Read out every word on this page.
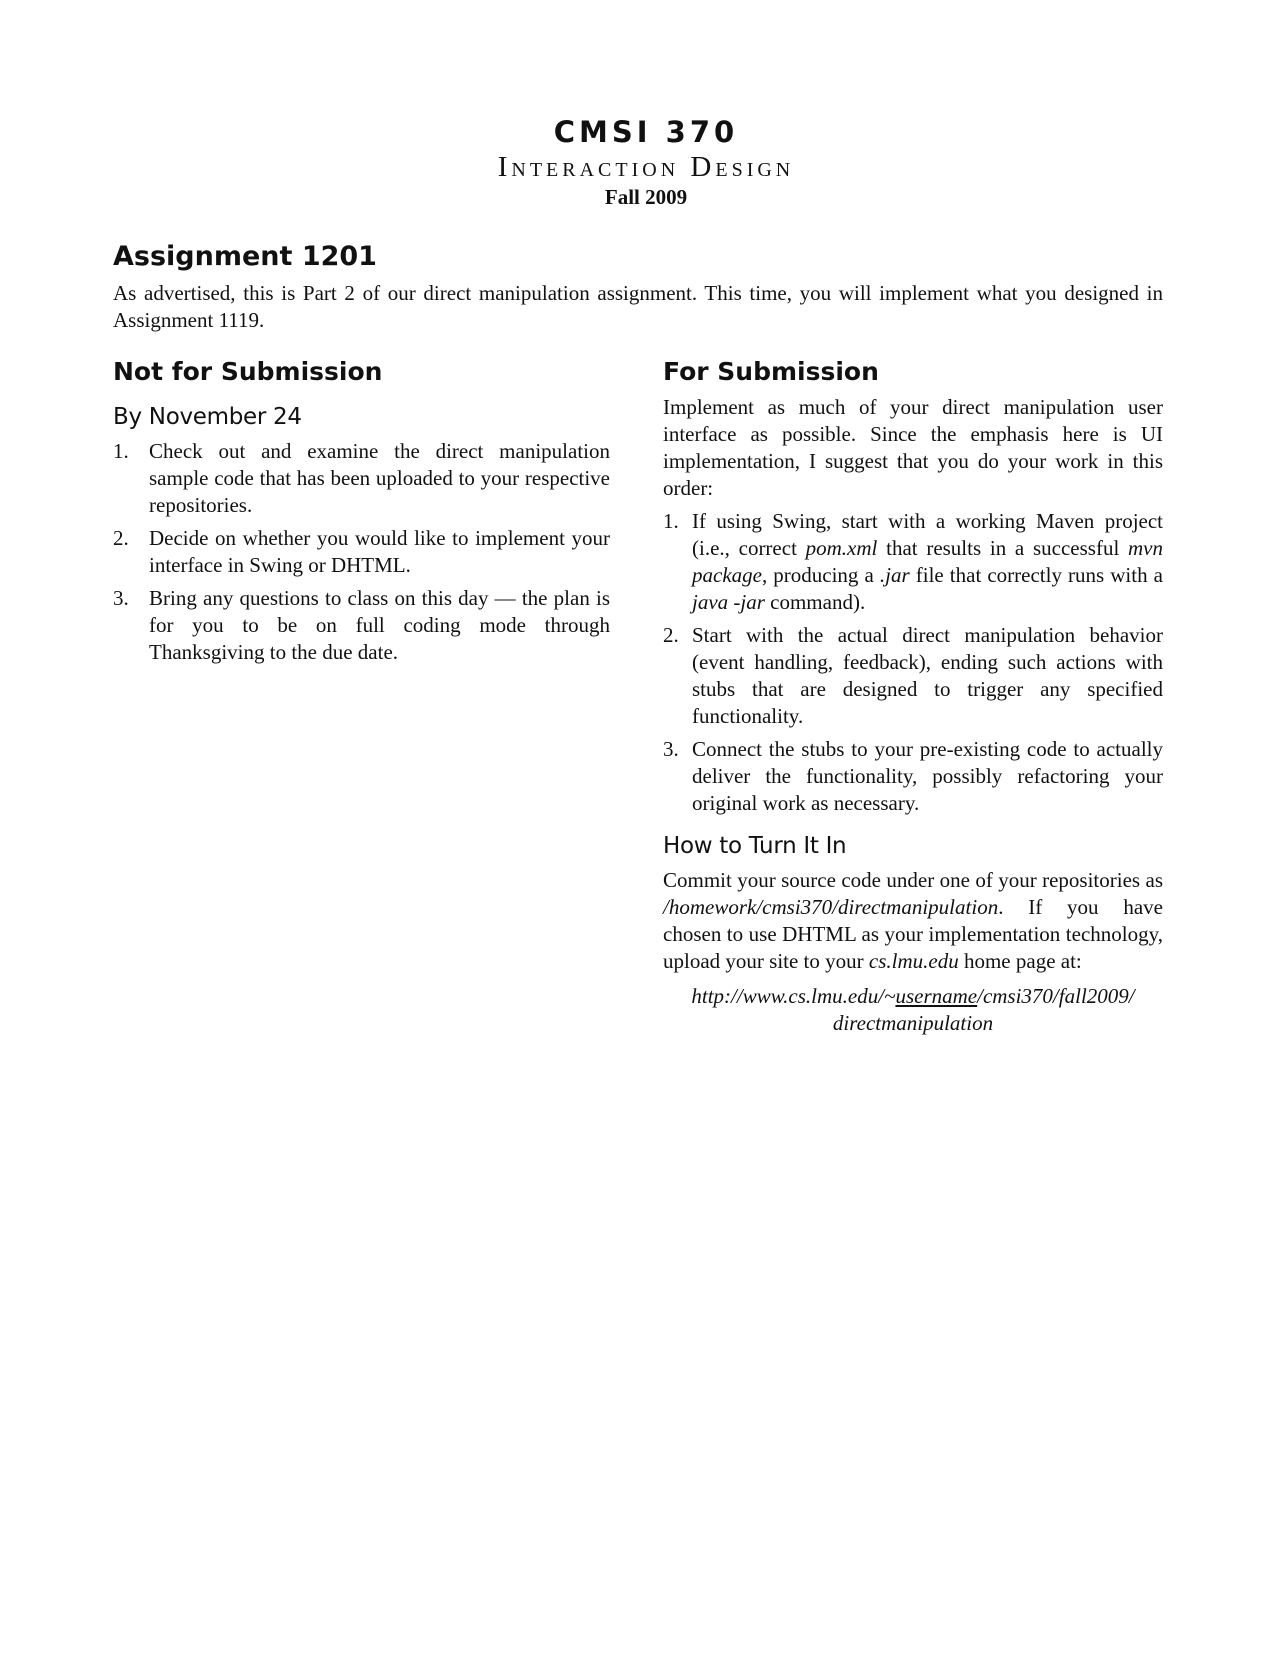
CMSI 370
Interaction Design
Fall 2009
Assignment 1201

As advertised, this is Part 2 of our direct manipulation assignment. This time, you will implement what you designed in Assignment 1119.

Not for Submission
By November 24
1. Check out and examine the direct manipulation sample code that has been uploaded to your respective repositories.
2. Decide on whether you would like to implement your interface in Swing or DHTML.
3. Bring any questions to class on this day — the plan is for you to be on full coding mode through Thanksgiving to the due date.
For Submission

Implement as much of your direct manipulation user interface as possible. Since the emphasis here is UI implementation, I suggest that you do your work in this order:

1. If using Swing, start with a working Maven project (i.e., correct pom.xml that results in a successful mvn package, producing a .jar file that correctly runs with a java -jar command).
2. Start with the actual direct manipulation behavior (event handling, feedback), ending such actions with stubs that are designed to trigger any specified functionality.
3. Connect the stubs to your pre-existing code to actually deliver the functionality, possibly refactoring your original work as necessary.
How to Turn It In

Commit your source code under one of your repositories as /homework/cmsi370/directmanipulation. If you have chosen to use DHTML as your implementation technology, upload your site to your cs.lmu.edu home page at:

http://www.cs.lmu.edu/~username/cmsi370/fall2009/
directmanipulation
